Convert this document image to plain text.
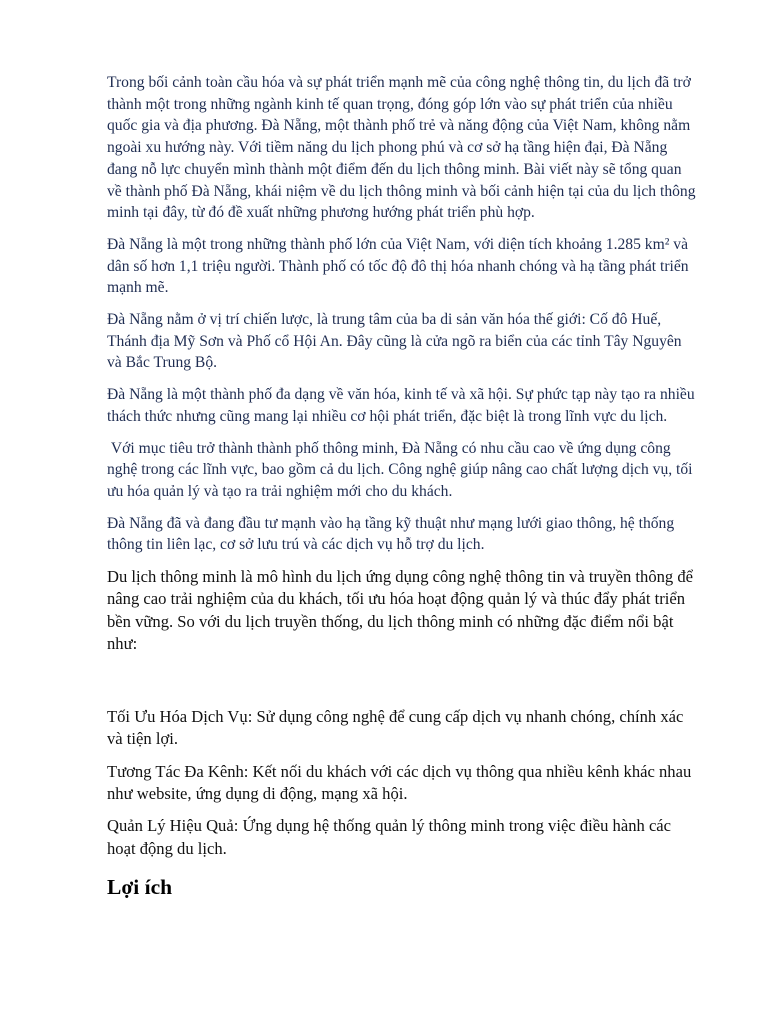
Trong bối cảnh toàn cầu hóa và sự phát triển mạnh mẽ của công nghệ thông tin, du lịch đã trở thành một trong những ngành kinh tế quan trọng, đóng góp lớn vào sự phát triển của nhiều quốc gia và địa phương. Đà Nẵng, một thành phố trẻ và năng động của Việt Nam, không nằm ngoài xu hướng này. Với tiềm năng du lịch phong phú và cơ sở hạ tầng hiện đại, Đà Nẵng đang nỗ lực chuyển mình thành một điểm đến du lịch thông minh. Bài viết này sẽ tổng quan về thành phố Đà Nẵng, khái niệm về du lịch thông minh và bối cảnh hiện tại của du lịch thông minh tại đây, từ đó đề xuất những phương hướng phát triển phù hợp.

Đà Nẵng là một trong những thành phố lớn của Việt Nam, với diện tích khoảng 1.285 km² và dân số hơn 1,1 triệu người. Thành phố có tốc độ đô thị hóa nhanh chóng và hạ tầng phát triển mạnh mẽ.

Đà Nẵng nằm ở vị trí chiến lược, là trung tâm của ba di sản văn hóa thế giới: Cố đô Huế, Thánh địa Mỹ Sơn và Phố cổ Hội An. Đây cũng là cửa ngõ ra biển của các tỉnh Tây Nguyên và Bắc Trung Bộ.

Đà Nẵng là một thành phố đa dạng về văn hóa, kinh tế và xã hội. Sự phức tạp này tạo ra nhiều thách thức nhưng cũng mang lại nhiều cơ hội phát triển, đặc biệt là trong lĩnh vực du lịch.

Với mục tiêu trở thành thành phố thông minh, Đà Nẵng có nhu cầu cao về ứng dụng công nghệ trong các lĩnh vực, bao gồm cả du lịch. Công nghệ giúp nâng cao chất lượng dịch vụ, tối ưu hóa quản lý và tạo ra trải nghiệm mới cho du khách.

Đà Nẵng đã và đang đầu tư mạnh vào hạ tầng kỹ thuật như mạng lưới giao thông, hệ thống thông tin liên lạc, cơ sở lưu trú và các dịch vụ hỗ trợ du lịch.

Du lịch thông minh là mô hình du lịch ứng dụng công nghệ thông tin và truyền thông để nâng cao trải nghiệm của du khách, tối ưu hóa hoạt động quản lý và thúc đẩy phát triển bền vững. So với du lịch truyền thống, du lịch thông minh có những đặc điểm nổi bật như:

Tối Ưu Hóa Dịch Vụ: Sử dụng công nghệ để cung cấp dịch vụ nhanh chóng, chính xác và tiện lợi.

Tương Tác Đa Kênh: Kết nối du khách với các dịch vụ thông qua nhiều kênh khác nhau như website, ứng dụng di động, mạng xã hội.

Quản Lý Hiệu Quả: Ứng dụng hệ thống quản lý thông minh trong việc điều hành các hoạt động du lịch.

Lợi ích
